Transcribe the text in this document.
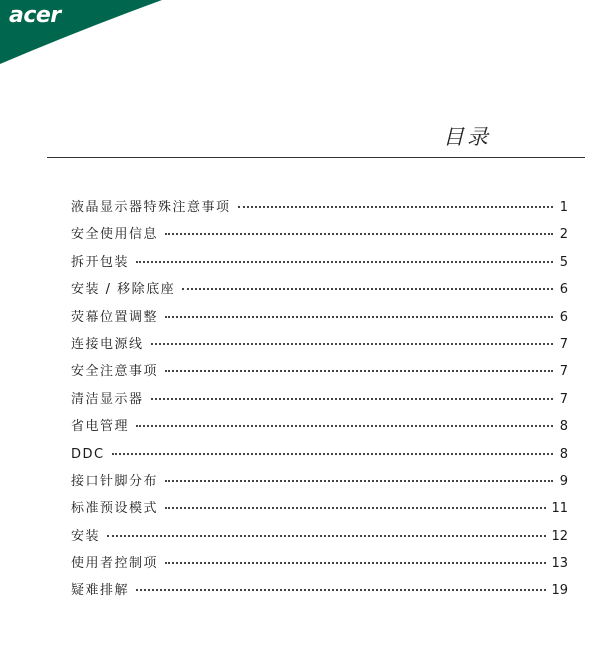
acer
目录
液晶显示器特殊注意事项	1
安全使用信息	2
拆开包装	5
安装 / 移除底座	6
荧幕位置调整	6
连接电源线	7
安全注意事项	7
清洁显示器	7
省电管理	8
DDC	8
接口针脚分布	9
标准预设模式	11
安装	12
使用者控制项	13
疑难排解	19
